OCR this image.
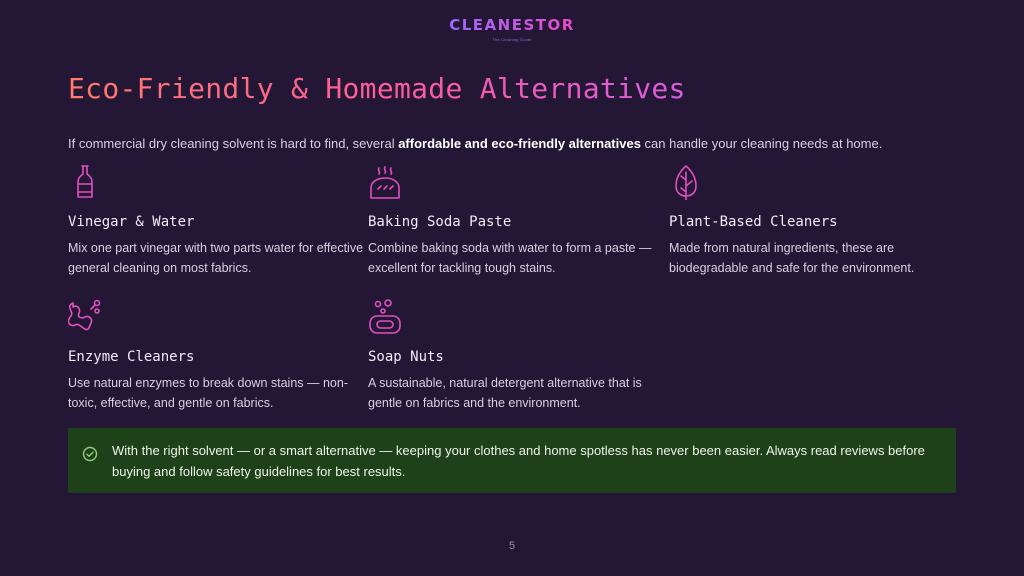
CLEANESTOR
The Cleaning Guide
Eco-Friendly & Homemade Alternatives
If commercial dry cleaning solvent is hard to find, several affordable and eco-friendly alternatives can handle your cleaning needs at home.
Vinegar & Water

Mix one part vinegar with two parts water for effective general cleaning on most fabrics.

Baking Soda Paste

Combine baking soda with water to form a paste — excellent for tackling tough stains.

Plant-Based Cleaners

Made from natural ingredients, these are biodegradable and safe for the environment.

Enzyme Cleaners

Use natural enzymes to break down stains — non-toxic, effective, and gentle on fabrics.

Soap Nuts

A sustainable, natural detergent alternative that is gentle on fabrics and the environment.

With the right solvent — or a smart alternative — keeping your clothes and home spotless has never been easier. Always read reviews before buying and follow safety guidelines for best results.
5
